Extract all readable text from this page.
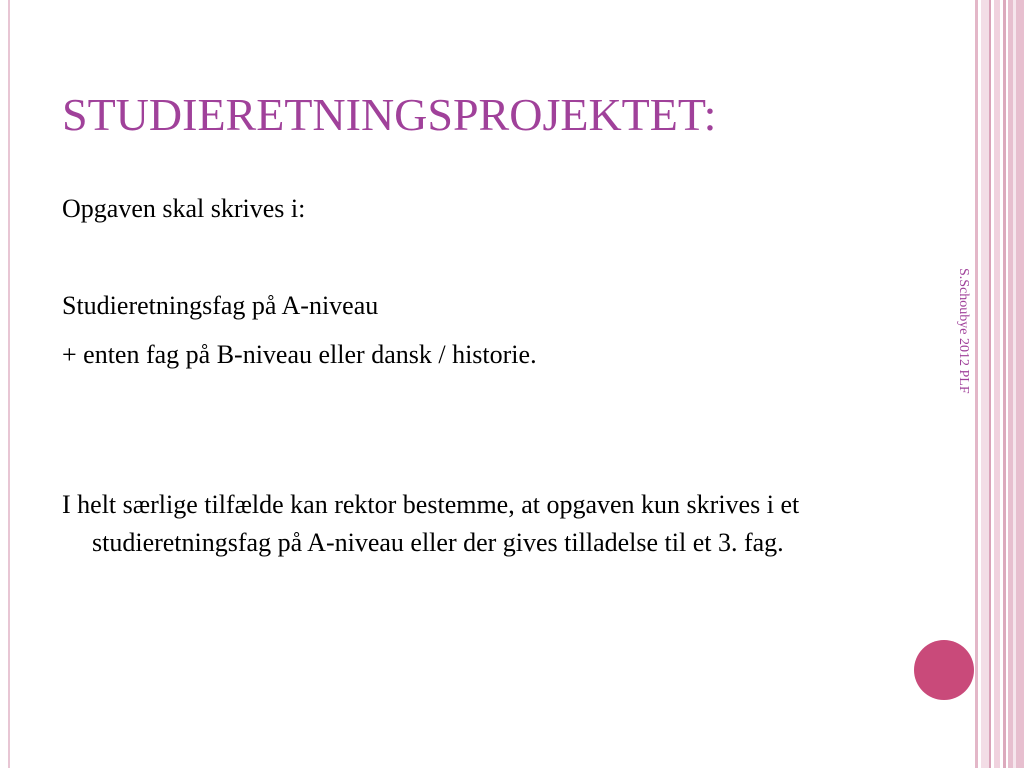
STUDIERETNINGSPROJEKTET:

Opgaven skal skrives i:

Studieretningsfag på A-niveau

+ enten fag på B-niveau eller dansk / historie.

I helt særlige tilfælde kan rektor bestemme, at opgaven kun skrives i et studieretningsfag på A-niveau eller der gives tilladelse til et 3. fag.

S.Schoubye 2012 PLF
